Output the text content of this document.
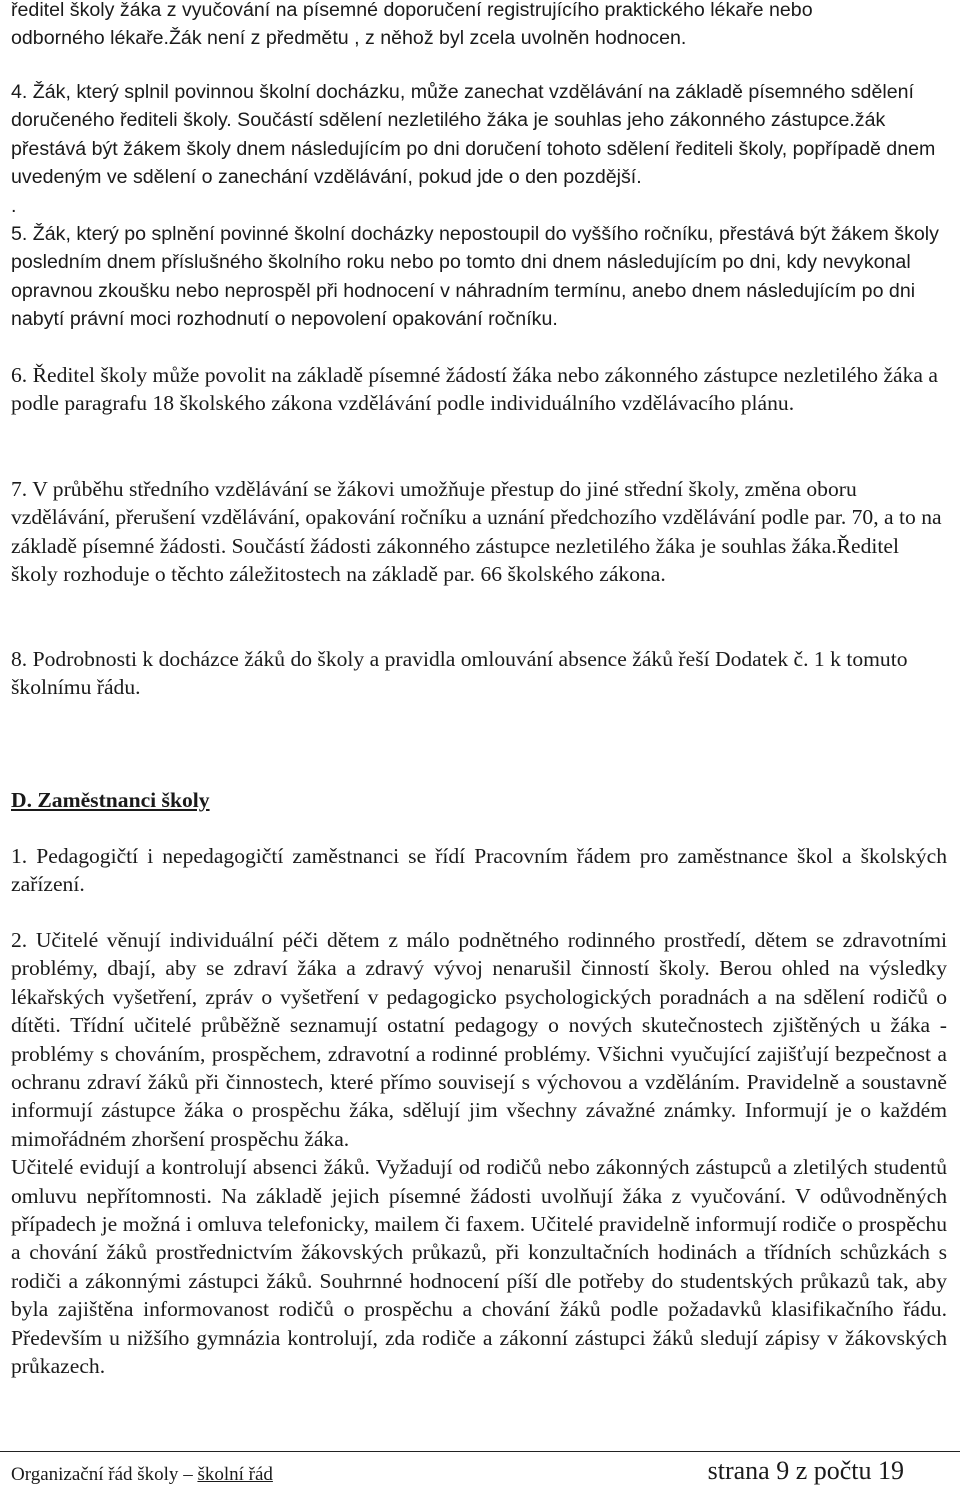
ředitel školy žáka z vyučování na písemné doporučení registrujícího praktického lékaře nebo

odborného lékaře.Žák není z předmětu , z něhož byl zcela uvolněn hodnocen.

4. Žák, který splnil povinnou školní docházku, může zanechat vzdělávání na základě písemného sdělení doručeného řediteli školy. Součástí sdělení nezletilého žáka je souhlas jeho zákonného zástupce.žák přestává být žákem školy dnem následujícím po dni doručení tohoto sdělení řediteli školy, popřípadě dnem uvedeným ve sdělení o zanechání vzdělávání, pokud jde o den pozdější.

.

5. Žák, který po splnění povinné školní docházky nepostoupil do vyššího ročníku, přestává být žákem školy posledním dnem příslušného školního roku nebo po tomto dni dnem následujícím po dni, kdy nevykonal opravnou zkoušku nebo neprospěl při hodnocení v náhradním termínu, anebo dnem následujícím po dni nabytí právní moci rozhodnutí o nepovolení opakování ročníku.

6. Ředitel školy může povolit na základě písemné žádostí žáka nebo zákonného zástupce nezletilého žáka a podle paragrafu 18 školského zákona vzdělávání podle individuálního vzdělávacího plánu.

7. V průběhu středního vzdělávání se žákovi umožňuje přestup do jiné střední školy, změna oboru vzdělávání, přerušení vzdělávání, opakování ročníku a uznání předchozího vzdělávání podle par. 70, a to na základě písemné žádosti. Součástí žádosti zákonného zástupce nezletilého žáka je souhlas žáka.Ředitel školy rozhoduje o těchto záležitostech na základě par. 66 školského zákona.

8. Podrobnosti k docházce žáků do školy a pravidla omlouvání absence žáků řeší Dodatek č. 1 k tomuto školnímu řádu.

D. Zaměstnanci školy

1. Pedagogičtí i nepedagogičtí zaměstnanci se řídí Pracovním řádem pro zaměstnance škol a školských zařízení.

2. Učitelé věnují individuální péči dětem z málo podnětného rodinného prostředí, dětem se zdravotními problémy, dbají, aby se zdraví žáka a zdravý vývoj nenarušil činností školy. Berou ohled na výsledky lékařských vyšetření, zpráv o vyšetření v pedagogicko psychologických poradnách a na sdělení rodičů o dítěti. Třídní učitelé průběžně seznamují ostatní pedagogy o nových skutečnostech zjištěných u žáka - problémy s chováním, prospěchem, zdravotní a rodinné problémy. Všichni vyučující zajišťují bezpečnost a ochranu zdraví žáků při činnostech, které přímo souvisejí s výchovou a vzděláním. Pravidelně a soustavně informují zástupce žáka o prospěchu žáka, sdělují jim všechny závažné známky. Informují je o každém mimořádném zhoršení prospěchu žáka.

Učitelé evidují a kontrolují absenci žáků. Vyžadují od rodičů nebo zákonných zástupců a zletilých studentů omluvu nepřítomnosti. Na základě jejich písemné žádosti uvolňují žáka z vyučování. V odůvodněných případech je možná i omluva telefonicky, mailem či faxem. Učitelé pravidelně informují rodiče o prospěchu a chování žáků prostřednictvím žákovských průkazů, při konzultačních hodinách a třídních schůzkách s rodiči a zákonnými zástupci žáků. Souhrnné hodnocení píší dle potřeby do studentských průkazů tak, aby byla zajištěna informovanost rodičů o prospěchu a chování žáků podle požadavků klasifikačního řádu. Především u nižšího gymnázia kontrolují, zda rodiče a zákonní zástupci žáků sledují zápisy v žákovských průkazech.

Organizační řád školy – školní řád	strana 9 z počtu 19
